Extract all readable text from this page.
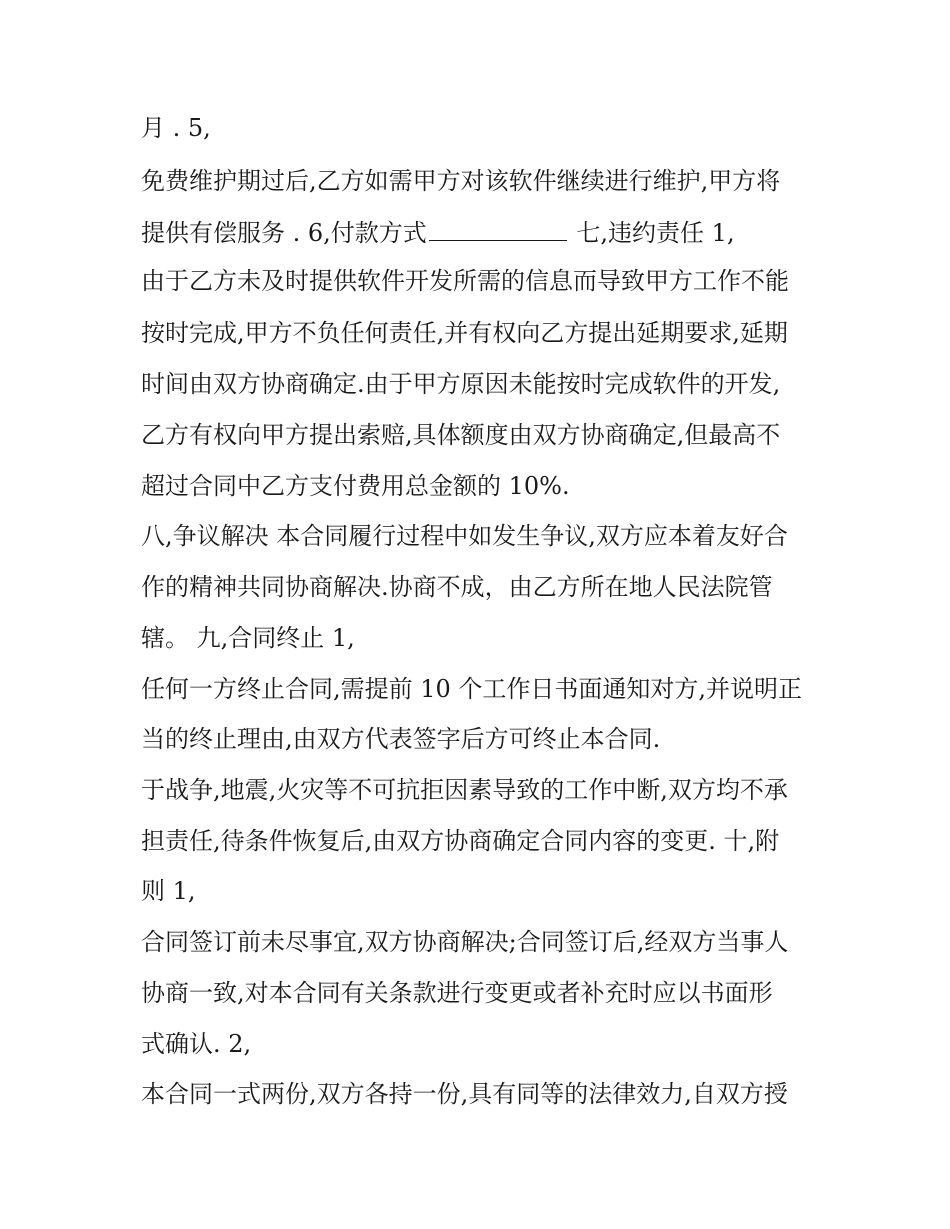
月 . 5,
免费维护期过后,乙方如需甲方对该软件继续进行维护,甲方将
提供有偿服务 . 6,付款方式	七,违约责任 1,
由于乙方未及时提供软件开发所需的信息而导致甲方工作不能
按时完成,甲方不负任何责任,并有权向乙方提出延期要求,延期
时间由双方协商确定.由于甲方原因未能按时完成软件的开发,
乙方有权向甲方提出索赔,具体额度由双方协商确定,但最高不
超过合同中乙方支付费用总金额的 10%.
八,争议解决 本合同履行过程中如发生争议,双方应本着友好合
作的精神共同协商解决.协商不成，由乙方所在地人民法院管
辖。 九,合同终止 1,
任何一方终止合同,需提前 10 个工作日书面通知对方,并说明正
当的终止理由,由双方代表签字后方可终止本合同.
于战争,地震,火灾等不可抗拒因素导致的工作中断,双方均不承
担责任,待条件恢复后,由双方协商确定合同内容的变更. 十,附
则 1,
合同签订前未尽事宜,双方协商解决;合同签订后,经双方当事人
协商一致,对本合同有关条款进行变更或者补充时应以书面形
式确认. 2,
本合同一式两份,双方各持一份,具有同等的法律效力,自双方授
